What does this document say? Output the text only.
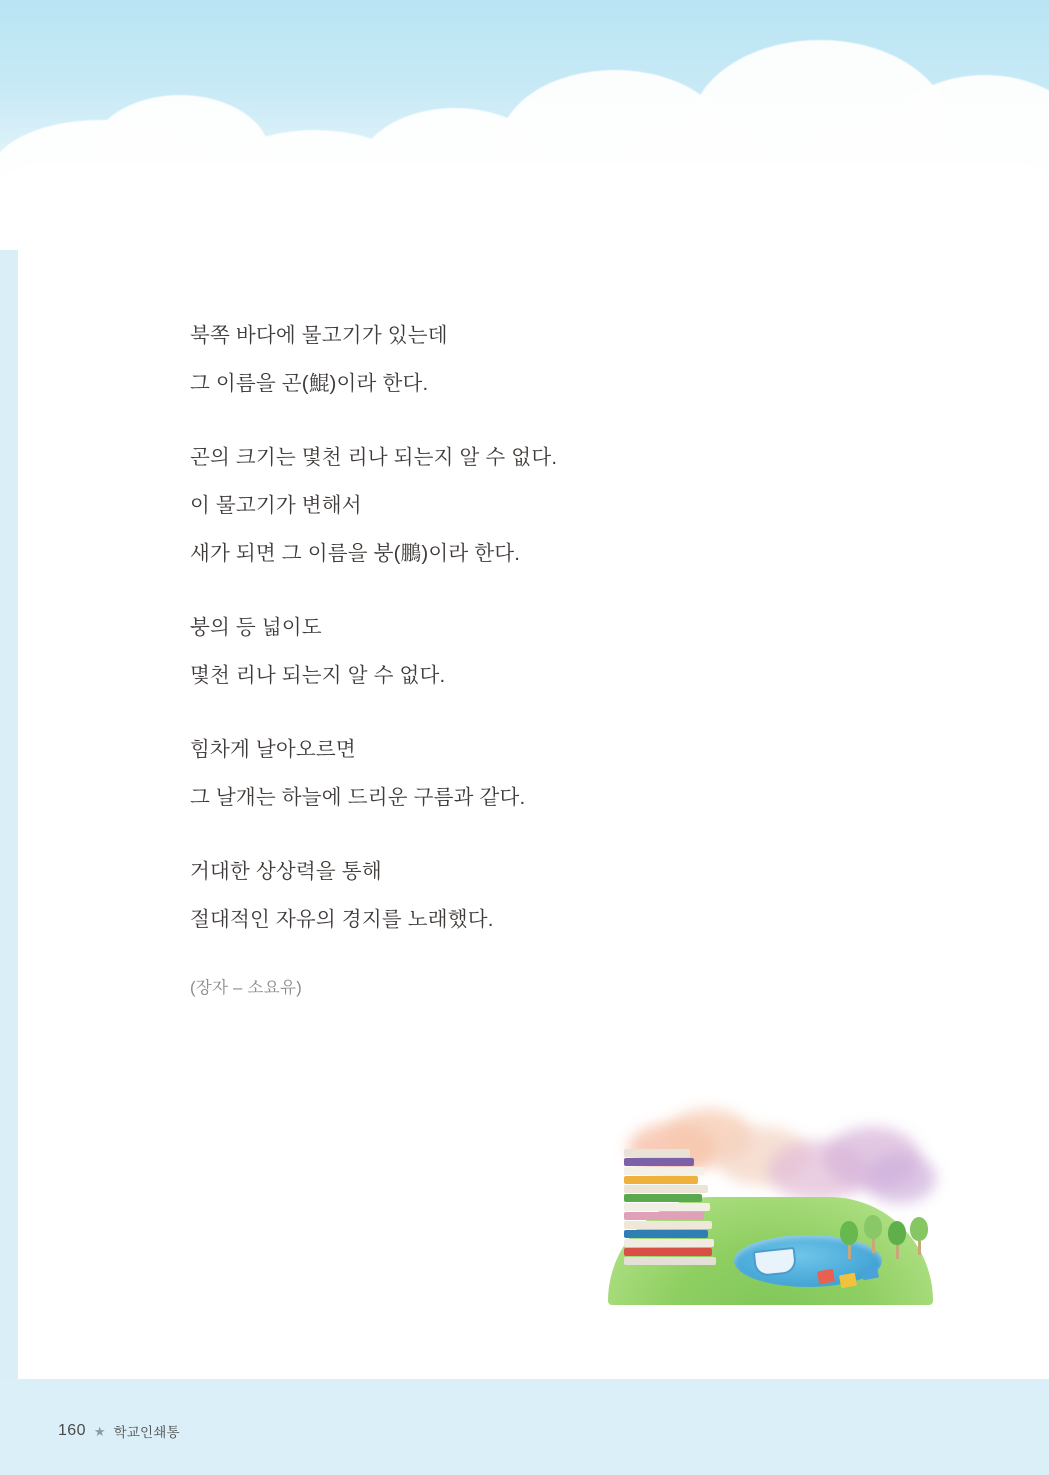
북쪽 바다에 물고기가 있는데
그 이름을 곤(鯤)이라 한다.
곤의 크기는 몇천 리나 되는지 알 수 없다.
이 물고기가 변해서
새가 되면 그 이름을 붕(鵬)이라 한다.
붕의 등 넓이도
몇천 리나 되는지 알 수 없다.
힘차게 날아오르면
그 날개는 하늘에 드리운 구름과 같다.
거대한 상상력을 통해
절대적인 자유의 경지를 노래했다.
(장자 – 소요유)
160 ★ 학교인쇄통
